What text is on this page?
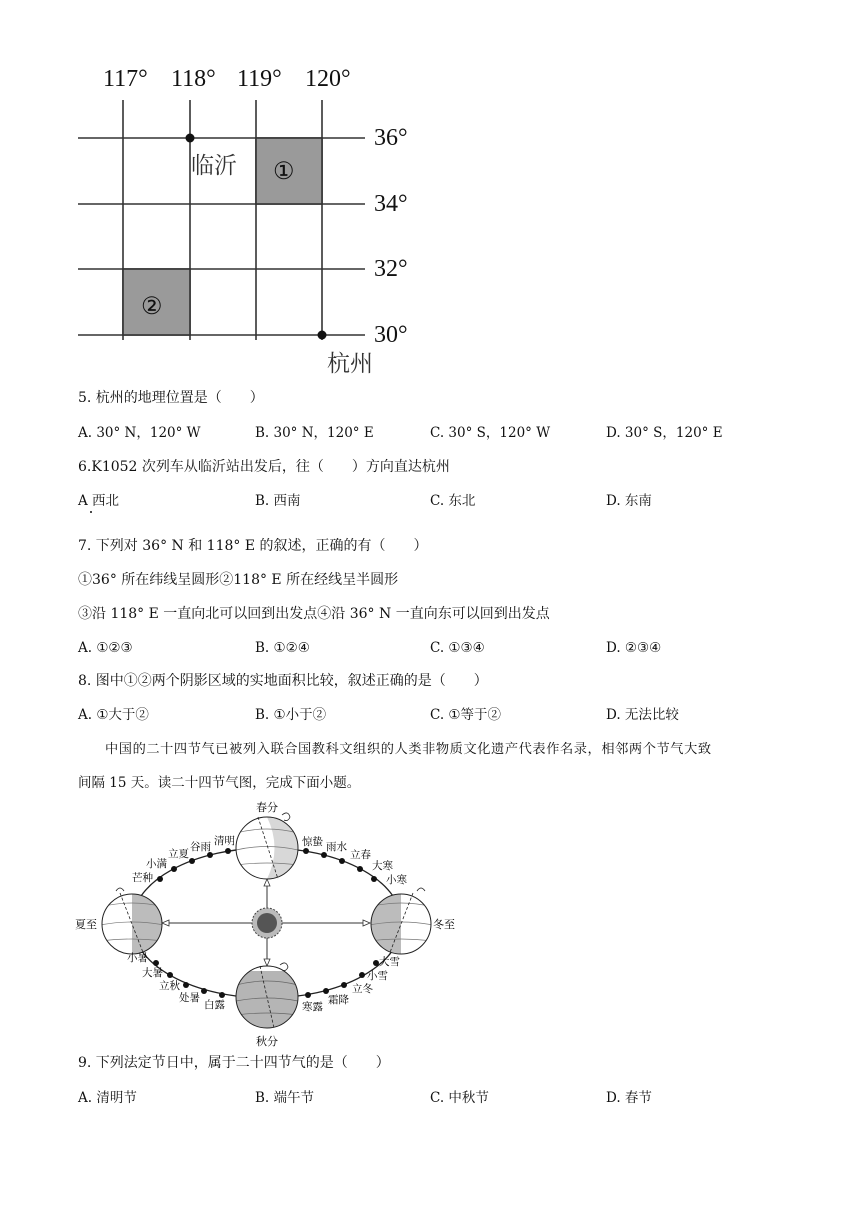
117° 118° 119° 120°
36°
34°
32°
30°
临沂
杭州
①
②
5. 杭州的地理位置是（　　）
A. 30° N，120° W	B. 30° N，120° E	C. 30° S，120° W	D. 30° S，120° E
6.K1052 次列车从临沂站出发后，往（　　）方向直达杭州
A 西北	B. 西南	C. 东北	D. 东南
7. 下列对 36° N 和 118° E 的叙述，正确的有（　　）
①36° 所在纬线呈圆形②118° E 所在经线呈半圆形
③沿 118° E 一直向北可以回到出发点④沿 36° N 一直向东可以回到出发点
A. ①②③	B. ①②④	C. ①③④	D. ②③④
8. 图中①②两个阴影区域的实地面积比较，叙述正确的是（　　）
A. ①大于②	B. ①小于②	C. ①等于②	D. 无法比较
中国的二十四节气已被列入联合国教科文组织的人类非物质文化遗产代表作名录，相邻两个节气大致
间隔 15 天。读二十四节气图，完成下面小题。
春分
秋分
夏至	冬至
立夏
谷雨 清明
小满
芒种
惊蛰 雨水
立春
大寒
小寒
小暑
大暑
立秋
处暑
白露
大雪
小雪
立冬
霜降
寒露
9. 下列法定节日中，属于二十四节气的是（　　）
A. 清明节	B. 端午节	C. 中秋节	D. 春节
